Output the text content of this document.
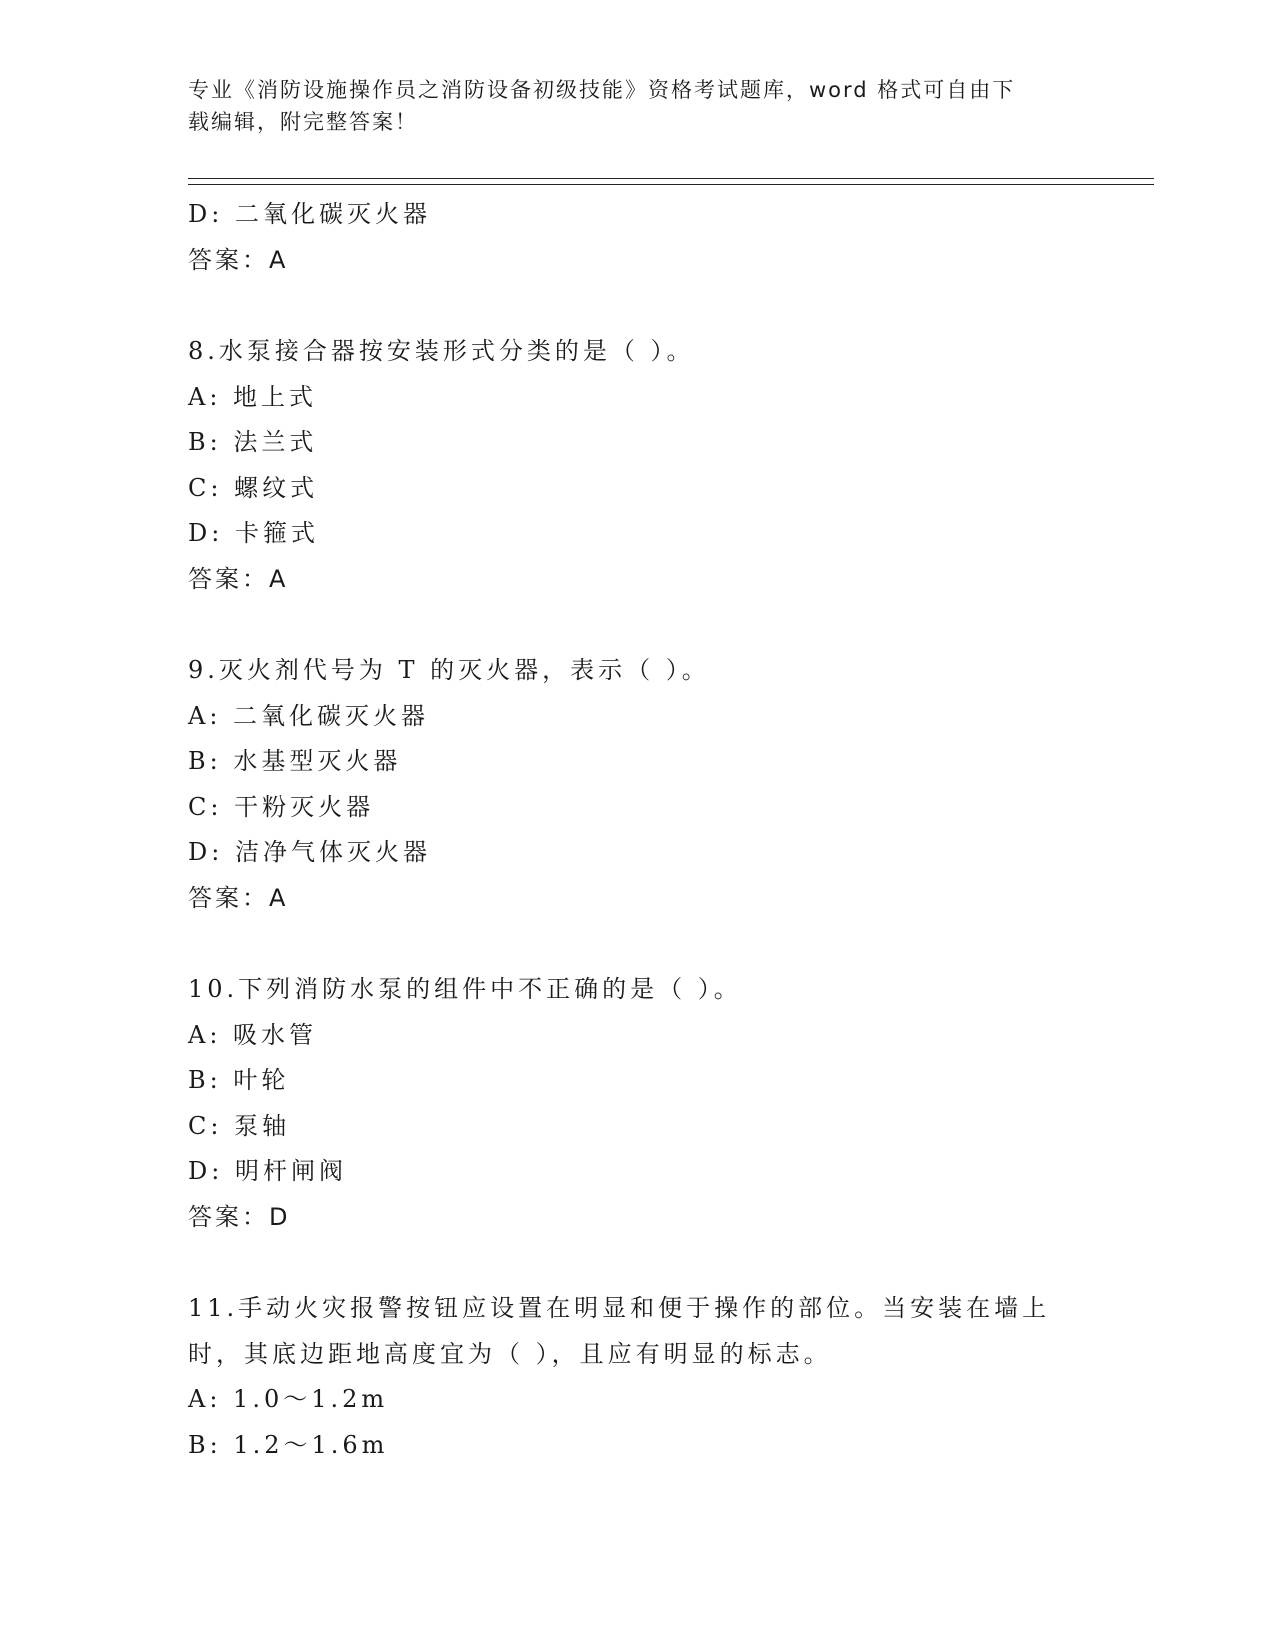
专业《消防设施操作员之消防设备初级技能》资格考试题库，word 格式可自由下
载编辑，附完整答案！
D: 二氧化碳灭火器
答案：A
8.水泵接合器按安装形式分类的是（ ）。
A: 地上式
B: 法兰式
C: 螺纹式
D: 卡箍式
答案：A
9.灭火剂代号为 T 的灭火器，表示（ ）。
A: 二氧化碳灭火器
B: 水基型灭火器
C: 干粉灭火器
D: 洁净气体灭火器
答案：A
10.下列消防水泵的组件中不正确的是（ ）。
A: 吸水管
B: 叶轮
C: 泵轴
D: 明杆闸阀
答案：D
11.手动火灾报警按钮应设置在明显和便于操作的部位。当安装在墙上
时，其底边距地高度宜为（ ），且应有明显的标志。
A: 1.0～1.2m
B: 1.2～1.6m
